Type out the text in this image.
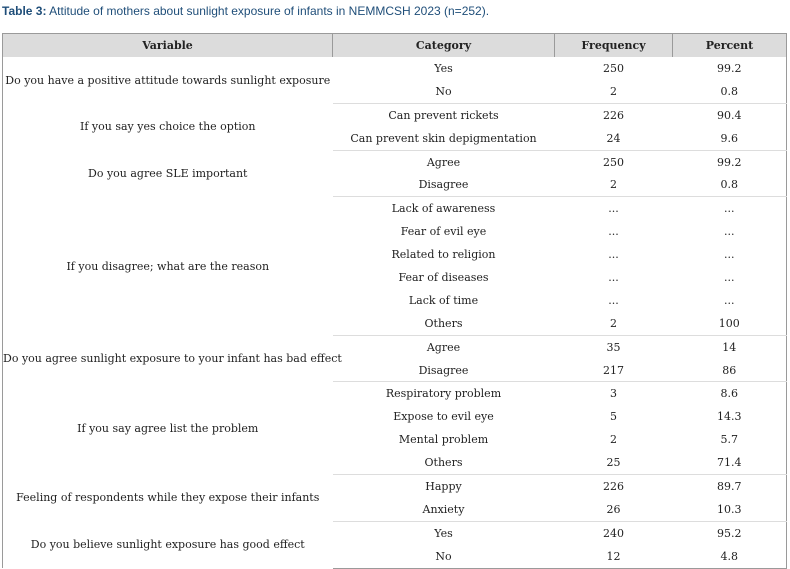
Table 3: Attitude of mothers about sunlight exposure of infants in NEMMCSH 2023 (n=252).
Variable	Category	Frequency	Percent
Do you have a positive attitude towards sunlight exposure	Yes	250	99.2
	No	2	0.8
If you say yes choice the option	Can prevent rickets	226	90.4
	Can prevent skin depigmentation	24	9.6
Do you agree SLE important	Agree	250	99.2
	Disagree	2	0.8
If you disagree; what are the reason	Lack of awareness	...	...
	Fear of evil eye	...	...
	Related to religion	...	...
	Fear of diseases	...	...
	Lack of time	...	...
	Others	2	100
Do you agree sunlight exposure to your infant has bad effect	Agree	35	14
	Disagree	217	86
If you say agree list the problem	Respiratory problem	3	8.6
	Expose to evil eye	5	14.3
	Mental problem	2	5.7
	Others	25	71.4
Feeling of respondents while they expose their infants	Happy	226	89.7
	Anxiety	26	10.3
Do you believe sunlight exposure has good effect	Yes	240	95.2
	No	12	4.8
